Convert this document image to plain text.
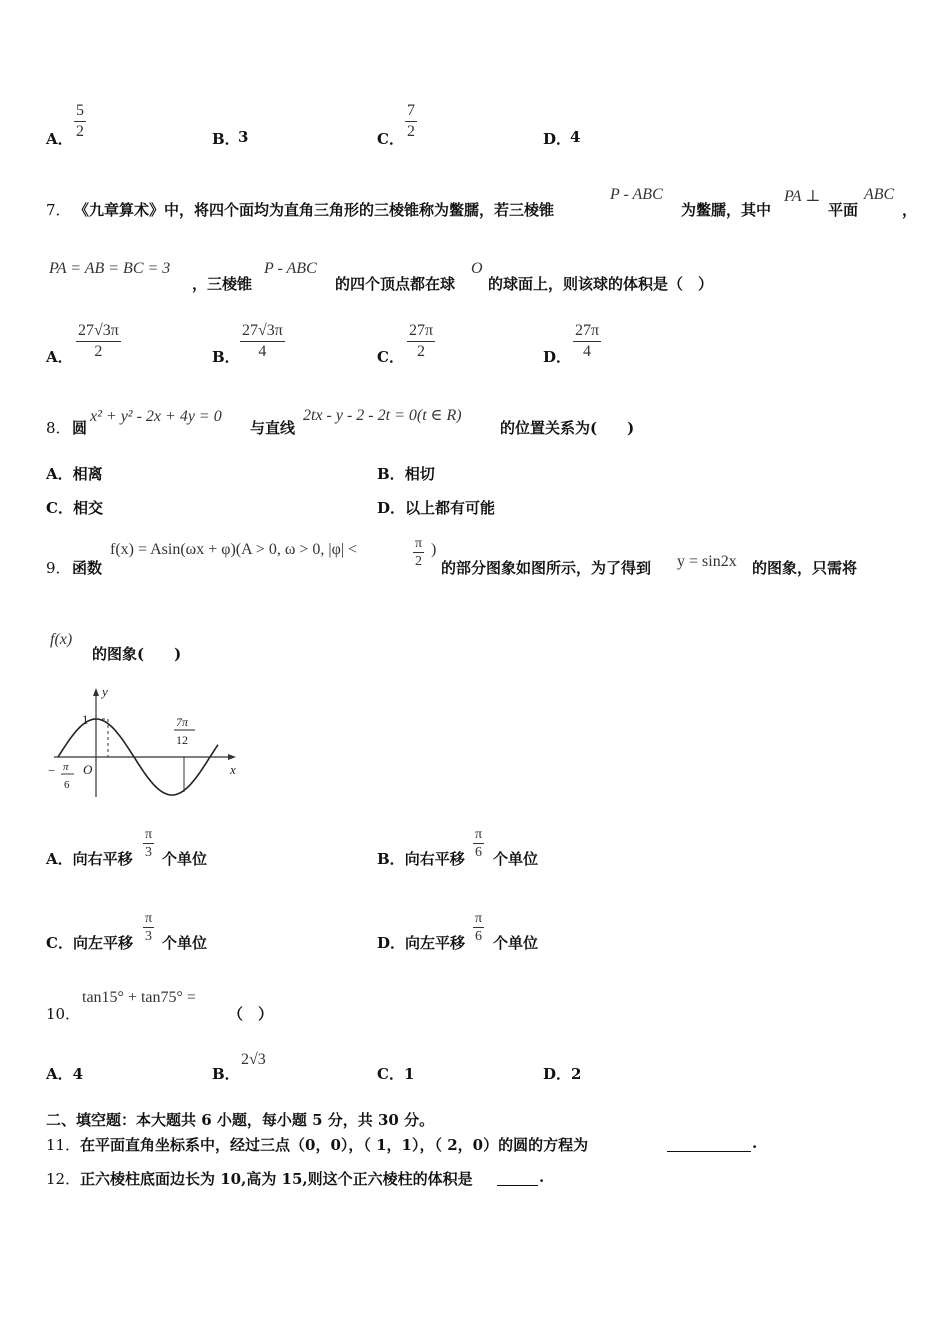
A．
5
2	B．
3	C．
7
2	D．
4
7． 《九章算术》中，将四个面均为直角三角形的三棱锥称为鳖臑，若三棱锥
P - ABC
为鳖臑，其中
PA ⊥
平面
ABC
，
PA = AB = BC = 3
，三棱锥
P - ABC
的四个顶点都在球
O
的球面上，则该球的体积是（　）
A．
27√3π
2	B．
27√3π
4	C．
27π
2	D．
27π
4
8． 圆
x² + y² - 2x + 4y = 0
与直线
2tx - y - 2 - 2t = 0(t ∈ R)
的位置关系为(　　)
A．相离	B．相切
C．相交	D．以上都有可能
9． 函数
f(x) = Asin(ωx + φ)(A > 0, ω > 0, |φ| <	π
2
)
的部分图象如图所示，为了得到 y = sin2x 的图象，只需将
f(x)
的图象(　　)
y
x
1
O
− π
6
7π
12
A．向右平移
π
3 个单位	B．向右平移
π
6 个单位
C．向左平移
π
3 个单位	D．向左平移
π
6 个单位
10．
tan15° + tan75° =
（　）
A．4	B．
2√3
C．1	D．2
二、填空题：本大题共 6 小题，每小题 5 分，共 30 分。
11． 在平面直角坐标系中，经过三点（0，0），（ 1，1），（ 2，0）的圆的方程为	.
12． 正六棱柱底面边长为 10,高为 15,则这个正六棱柱的体积是	.
